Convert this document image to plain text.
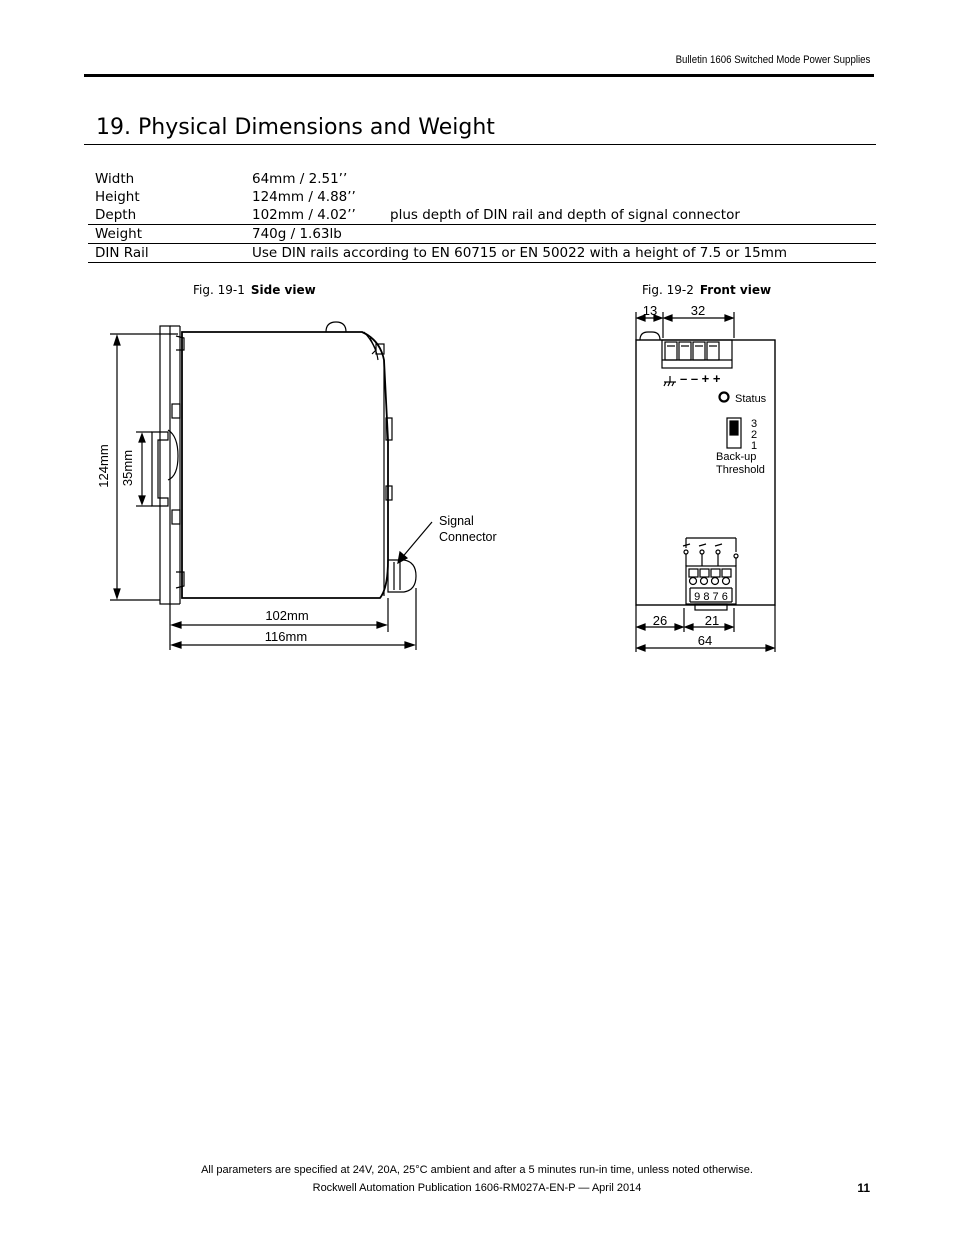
Bulletin 1606 Switched Mode Power Supplies
19. Physical Dimensions and Weight
Width	64mm / 2.51’’	
Height	124mm / 4.88’’	
Depth	102mm / 4.02’’	plus depth of DIN rail and depth of signal connector
Weight	740g / 1.63lb	
DIN Rail	Use DIN rails according to EN 60715 or EN 50022 with a height of 7.5 or 15mm	
Fig. 19-1 Side view	Fig. 19-2 Front view
124mm 35mm
102mm
116mm
Signal
Connector
13	32
– – + +
Status
3
2
1
Back-up
Threshold
9 8 7 6
26	21
64
All parameters are specified at 24V, 20A, 25°C ambient and after a 5 minutes run-in time, unless noted otherwise.
Rockwell Automation Publication 1606-RM027A-EN-P — April 2014	11
